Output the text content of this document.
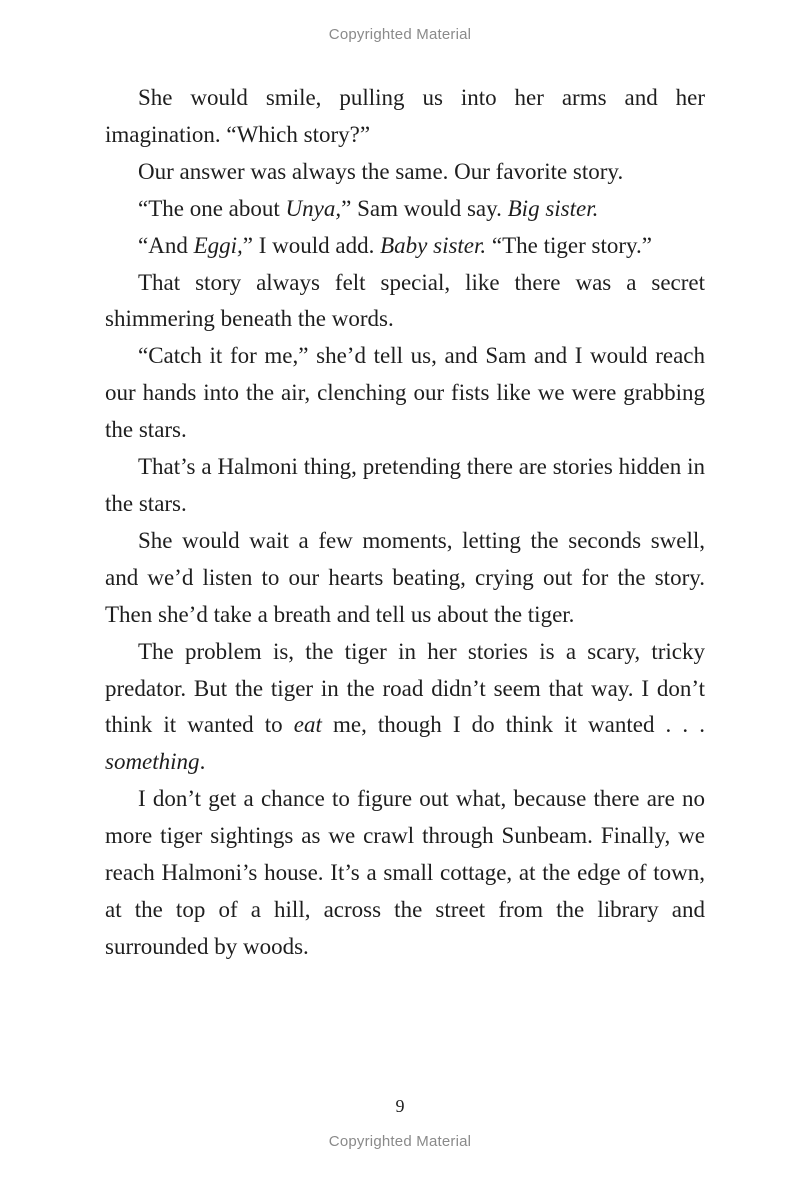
Copyrighted Material

She would smile, pulling us into her arms and her imagination. “Which story?”

Our answer was always the same. Our favorite story.

“The one about Unya,” Sam would say. Big sister.

“And Eggi,” I would add. Baby sister. “The tiger story.”

That story always felt special, like there was a secret shimmering beneath the words.

“Catch it for me,” she’d tell us, and Sam and I would reach our hands into the air, clenching our fists like we were grabbing the stars.

That’s a Halmoni thing, pretending there are stories hidden in the stars.

She would wait a few moments, letting the seconds swell, and we’d listen to our hearts beating, crying out for the story. Then she’d take a breath and tell us about the tiger.

The problem is, the tiger in her stories is a scary, tricky predator. But the tiger in the road didn’t seem that way. I don’t think it wanted to eat me, though I do think it wanted . . . something.

I don’t get a chance to figure out what, because there are no more tiger sightings as we crawl through Sunbeam. Finally, we reach Halmoni’s house. It’s a small cottage, at the edge of town, at the top of a hill, across the street from the library and surrounded by woods.

9
Copyrighted Material
